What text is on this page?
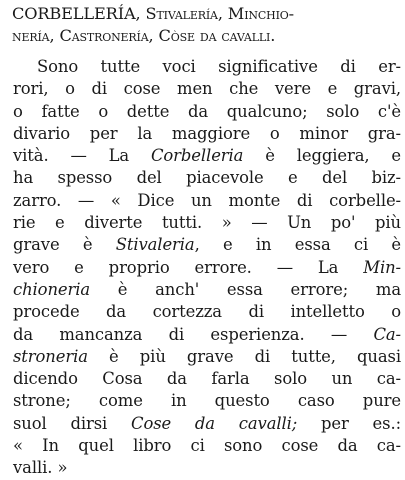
CORBELLERÍA, Stivalería, Minchio-
nería, Castronería, Còse da cavalli.
Sono tutte voci significative di er-
rori, o di cose men che vere e gravi,
o fatte o dette da qualcuno; solo c'è
divario per la maggiore o minor gra-
vità. — La Corbelleria è leggiera, e
ha spesso del piacevole e del biz-
zarro. — « Dice un monte di corbelle-
rie e diverte tutti. » — Un po' più
grave è Stivaleria, e in essa ci è
vero e proprio errore. — La Min-
chioneria è anch' essa errore; ma
procede da cortezza di intelletto o
da mancanza di esperienza. — Ca-
stroneria è più grave di tutte, quasi
dicendo Cosa da farla solo un ca-
strone; come in questo caso pure
suol dirsi Cose da cavalli; per es.:
« In quel libro ci sono cose da ca-
valli. »
